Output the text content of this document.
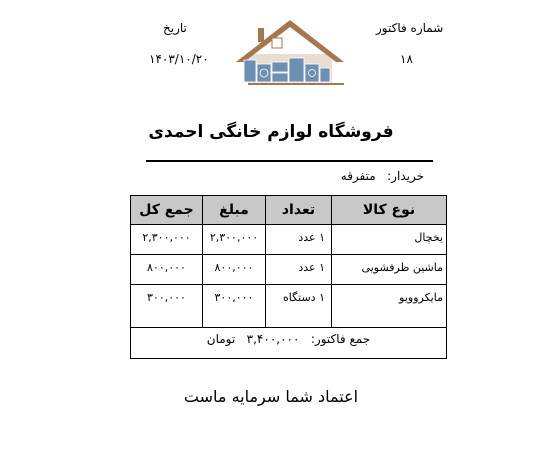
شماره فاکتور
۱۸
تاریخ
۱۴۰۳/۱۰/۲۰
فروشگاه لوازم خانگی احمدی
خریدار:   متفرقه
نوع کالا	تعداد	مبلغ	جمع کل
یخچال	۱ عدد	۲,۳۰۰,۰۰۰	۲,۳۰۰,۰۰۰
ماشین ظرفشویی	۱ عدد	۸۰۰,۰۰۰	۸۰۰,۰۰۰
مایکروویو	۱ دستگاه	۳۰۰,۰۰۰	۳۰۰,۰۰۰
جمع فاکتور:   ۳,۴۰۰,۰۰۰   تومان			
اعتماد شما سرمایه ماست
